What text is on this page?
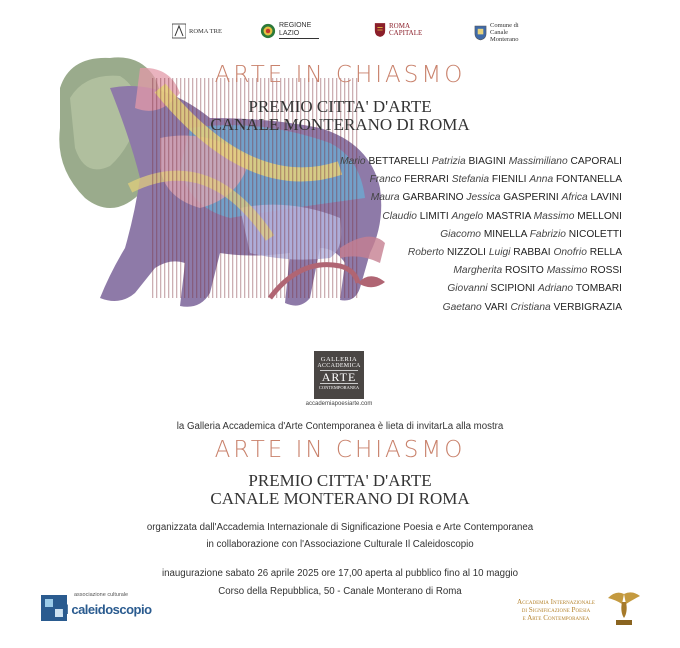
ROMA TRE
REGIONE LAZIO
ROMA CAPITALE
Comune di
Canale
Monterano
ARTE IN CHIASMO
PREMIO CITTA' D'ARTE
CANALE MONTERANO DI ROMA
Mario BETTARELLI Patrizia BIAGINI Massimiliano CAPORALI
Franco FERRARI Stefania FIENILI Anna FONTANELLA
Maura GARBARINO Jessica GASPERINI Africa LAVINI
Claudio LIMITI Angelo MASTRIA Massimo MELLONI
Giacomo MINELLA Fabrizio NICOLETTI
Roberto NIZZOLI Luigi RABBAI Onofrio RELLA
Margherita ROSITO Massimo ROSSI
Giovanni SCIPIONI Adriano TOMBARI
Gaetano VARI Cristiana VERBIGRAZIA
GALLERIA
ACCADEMICA
ARTE
CONTEMPORANEA
accademiapoesiarte.com
la Galleria Accademica d'Arte Contemporanea è lieta di invitarLa alla mostra
ARTE IN CHIASMO
PREMIO CITTA' D'ARTE
CANALE MONTERANO DI ROMA
organizzata dall'Accademia Internazionale di Significazione Poesia e Arte Contemporanea
in collaborazione con l'Associazione Culturale Il Caleidoscopio
inaugurazione sabato 26 aprile 2025 ore 17,00 aperta al pubblico fino al 10 maggio
Corso della Repubblica, 50 - Canale Monterano di Roma
associazione culturale
il caleidoscopio	Accademia Internazionale
di Significazione Poesia
e Arte Contemporanea
